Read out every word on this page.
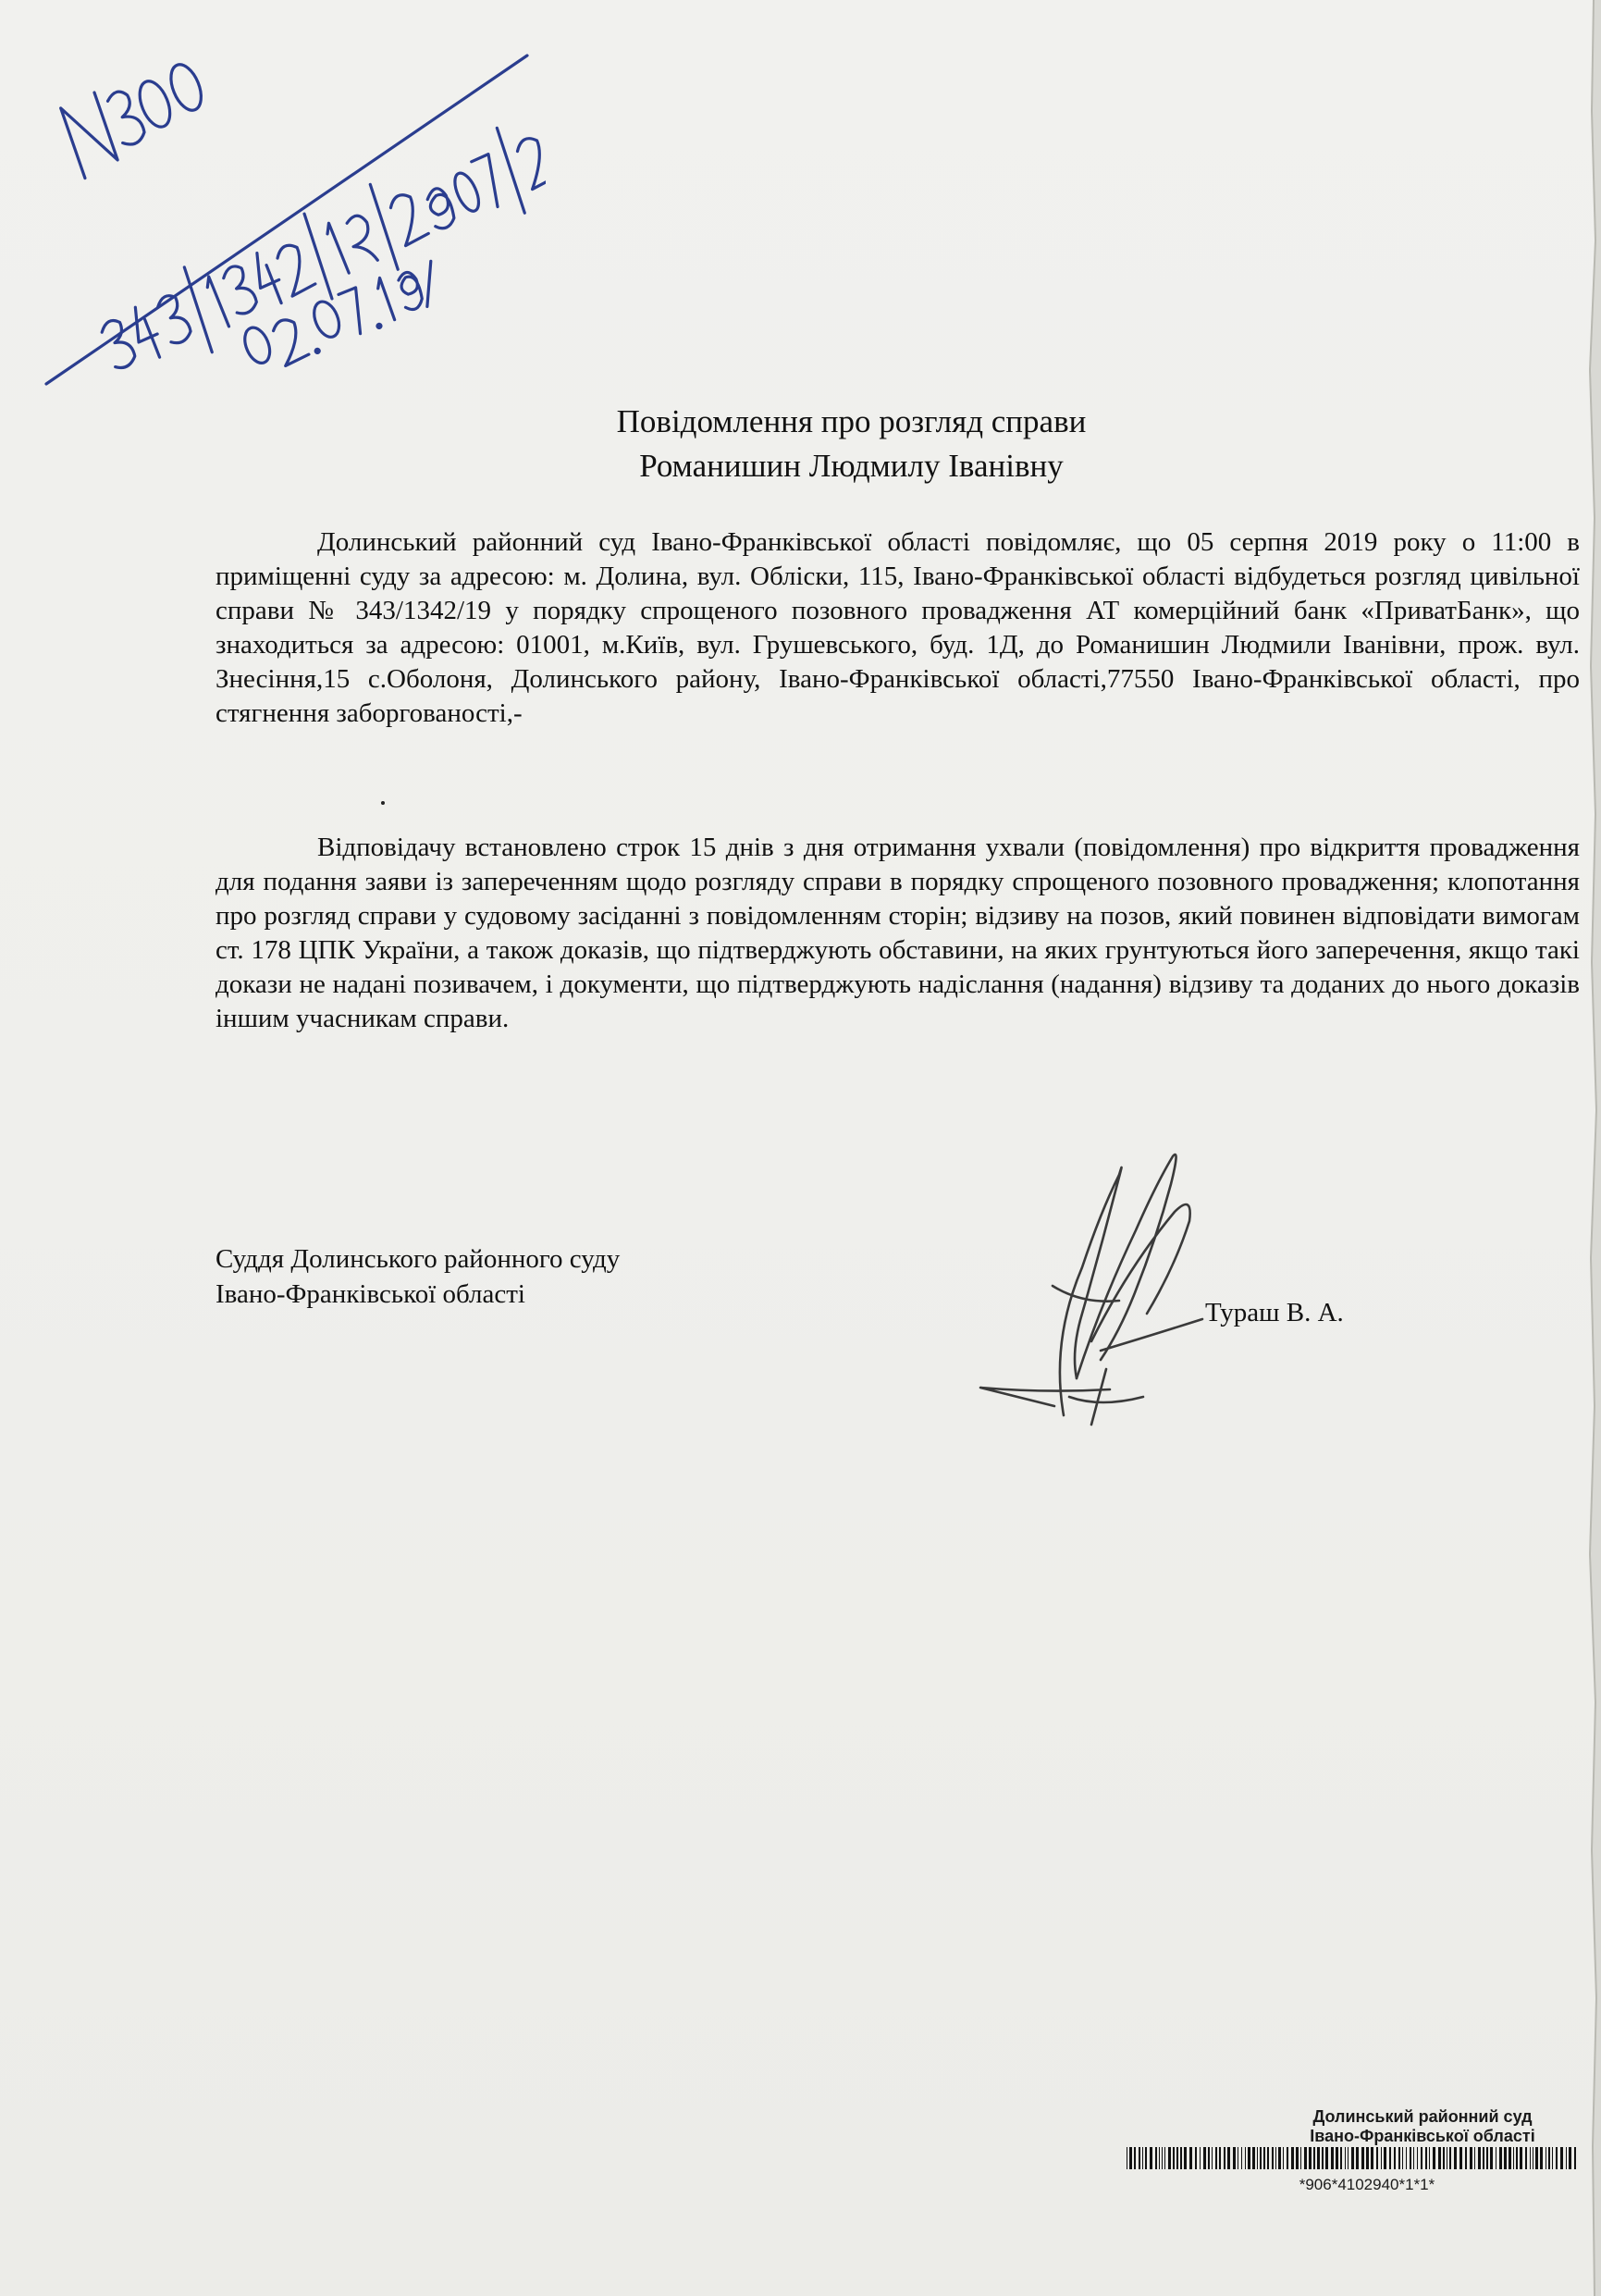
Повідомлення про розгляд справи
Романишин Людмилу Іванівну
Долинський районний суд Івано-Франківської області повідомляє, що 05 серпня 2019 року о 11:00 в приміщенні суду за адресою: м. Долина, вул. Обліски, 115, Івано-Франківської області відбудеться розгляд цивільної справи № 343/1342/19 у порядку спрощеного позовного провадження АТ комерційний банк «ПриватБанк», що знаходиться за адресою: 01001, м.Київ, вул. Грушевського, буд. 1Д, до Романишин Людмили Іванівни, прож. вул. Знесіння,15 с.Оболоня, Долинського району, Івано-Франківської області,77550 Івано-Франківської області, про стягнення заборгованості,-
Відповідачу встановлено строк 15 днів з дня отримання ухвали (повідомлення) про відкриття провадження для подання заяви із запереченням щодо розгляду справи в порядку спрощеного позовного провадження; клопотання про розгляд справи у судовому засіданні з повідомленням сторін; відзиву на позов, який повинен відповідати вимогам ст. 178 ЦПК України, а також доказів, що підтверджують обставини, на яких грунтуються його заперечення, якщо такі докази не надані позивачем, і документи, що підтверджують надіслання (надання) відзиву та доданих до нього доказів іншим учасникам справи.
Суддя Долинського районного суду
Івано-Франківської області
Тураш В. А.
Долинський районний суд
Івано-Франківської області
*906*4102940*1*1*
